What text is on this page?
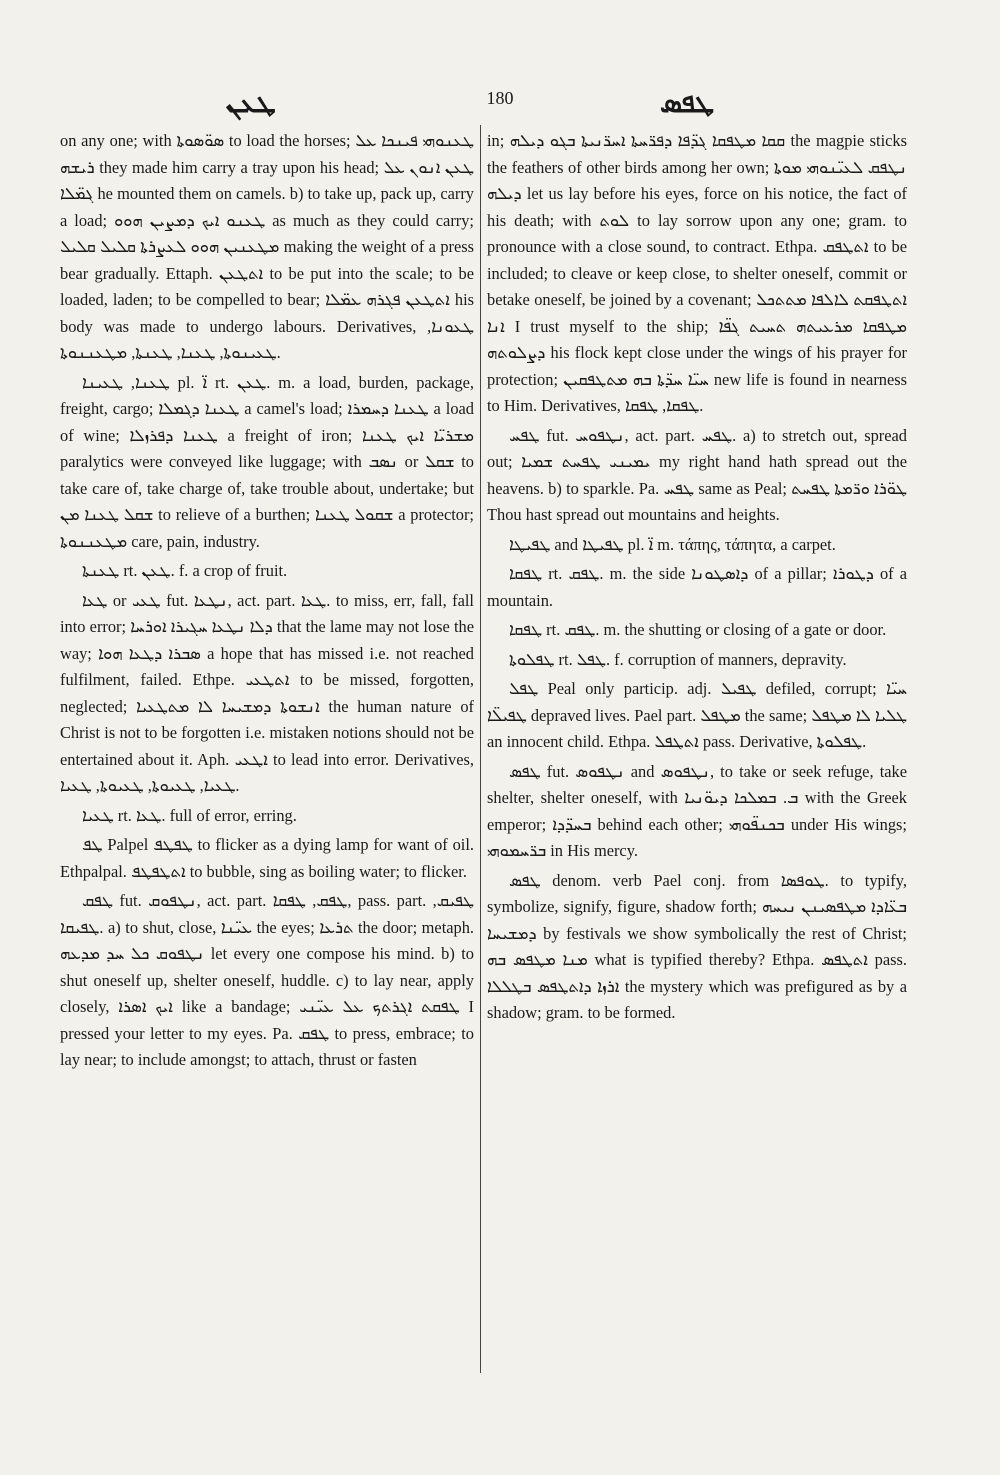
ܛܥܢ	180	ܛܦܣ

on any one; with ܣܘ̈ܣܘܬܐ to load the horses; ܛܥܢܘܗܝ ܦܝܢܟܐ ܥܠ ܪܝܫܗ they made him carry a tray upon his head; ܛܥܢ ܐܢܘܢ ܥܠ ܓܡ̈ܠܐ he mounted them on camels. b) to take up, pack up, carry a load; ܛܥܢܘ ܐܝܟ ܕܡܨܝܢ ܗܘܘ as much as they could carry; ܡܛܥܢܝܢ ܗܘܘ ܠܥܨܪܬܐ ܩܠܝܠ ܩܠܝܠ making the weight of a press bear gradually. Ettaph. ܐܬܛܥܢ to be put into the scale; to be loaded, laden; to be compelled to bear; ܐܬܛܥܢ ܦܓܪܗ ܥܡ̈ܠܐ his body was made to undergo labours. Derivatives, ܛܥܘܢܐ, ܛܥܝܢܘܬܐ, ܛܥܢܐ, ܛܥܢܬܐ, ܡܛܥܢܢܘܬܐ.

ܛܥܢܐ, ܛܥܝܢܐ pl. ܐ̈ rt. ܛܥܢ. m. a load, burden, package, freight, cargo; ܛܥܢܐ ܕܓܡܠܐ a camel's load; ܛܥܢܐ ܕܚܡܪܐ a load of wine; ܛܥܢܐ ܕܦܪܙܠܐ a freight of iron; ܡܫܪܝ̈ܐ ܐܝܟ ܛܥܢܐ paralytics were conveyed like luggage; with ܢܣܒ or ܫܩܠ to take care of, take charge of, take trouble about, undertake; but ܫܩܠ ܛܥܢܐ ܡܢ to relieve of a burthen; ܫܩܘܠ ܛܥܢܐ a protector; ܡܛܥܢܢܘܬܐ care, pain, industry.

ܛܥܢܬܐ rt. ܛܥܢ. f. a crop of fruit.

ܛܥܐ or ܛܥܝ fut. ܢܛܥܐ, act. part. ܛܥܐ. to miss, err, fall, fall into error; ܕܠܐ ܢܛܥܐ ܚܓܝܪܐ ܐܘܪܚܐ that the lame may not lose the way; ܣܒܪܐ ܕܛܥܐ ܗܘܐ a hope that has missed i.e. not reached fulfilment, failed. Ethpe. ܐܬܛܥܝ to be missed, forgotten, neglected; ܐܢܫܘܬܐ ܕܡܫܝܚܐ ܠܐ ܡܬܛܥܝܐ the human nature of Christ is not to be forgotten i.e. mistaken notions should not be entertained about it. Aph. ܐܛܥܝ to lead into error. Derivatives, ܛܥܝܐ, ܛܥܝܘܬܐ, ܛܥܝܘܬܐ, ܛܥܝܐ.

ܛܥܝܐ rt. ܛܥܐ. full of error, erring.

ܛܦ Palpel ܛܦܛܦ to flicker as a dying lamp for want of oil. Ethpalpal. ܐܬܛܦܛܦ to bubble, sing as boiling water; to flicker.

ܛܦܩ fut. ܢܛܦܘܩ, act. part. ܛܦܩ, ܛܦܩܐ, pass. part. ܛܦܝܩ, ܛܦܝܩܐ. a) to shut, close, ܥܝ̈ܢܐ the eyes; ܬܪܥܐ the door; metaph. ܢܛܦܘܩ ܟܠ ܚܕ ܡܕܥܗ let every one compose his mind. b) to shut oneself up, shelter oneself, huddle. c) to lay near, apply closely, ܐܝܟ ܐܣܪܐ like a bandage; ܛܦܩܬ ܐܓܪܬܟ ܥܠ ܥܝ̈ܢܝ I pressed your letter to my eyes. Pa. ܛܦܩ to press, embrace; to lay near; to include amongst; to attach, thrust or fasten

in; ܩܩܐ ܡܛܦܩܐ ܓܕ̈ܦܐ ܕܦܪ̈ܚܬܐ ܐܚܪ̈ܢܝܬܐ ܒܓܘ ܕܝܠܗ the magpie sticks the feathers of other birds among her own; ܢܛܦܩ ܠܥܝ̈ܢܘܗܝ ܡܘܬܐ ܕܝܠܗ let us lay before his eyes, force on his notice, the fact of his death; with ܠܘܬ to lay sorrow upon any one; gram. to pronounce with a close sound, to contract. Ethpa. ܐܬܛܦܩ to be included; to cleave or keep close, to shelter oneself, commit or betake oneself, be joined by a covenant; ܐܬܛܦܩܬ ܠܐܠܦܐ ܡܬܬܟܠ ܐܢܐ I trust myself to the ship; ܡܛܦܩܐ ܡܪܥܝܬܗ ܬܚܝܬ ܓܦ̈ܐ ܕܨܠܘܬܗ his flock kept close under the wings of his prayer for protection; ܚܝ̈ܐ ܚܕ̈ܬܐ ܒܗ ܡܬܛܦܩܝܢ new life is found in nearness to Him. Derivatives, ܛܦܩܐ, ܛܦܩܐ.

ܛܦܚ fut. ܢܛܦܘܚ, act. part. ܛܦܚ. a) to stretch out, spread out; ܝܡܝܢܝ ܛܦܚܬ ܫܡܝܐ my right hand hath spread out the heavens. b) to sparkle. Pa. ܛܦܚ same as Peal; ܛܘ̈ܪܐ ܘܪ̈ܡܬܐ ܛܦܚܬ Thou hast spread out mountains and heights.

ܛܦܝܛܐ and ܛܦܝܛܐ pl. ܐ̈ m. τάπης, τάπητα, a carpet.

ܛܦܩܐ rt. ܛܦܩ. m. the side ܕܐܣܛܘܢܐ of a pillar; ܕܛܘܪܐ of a mountain.

ܛܦܩܐ rt. ܛܦܩ. m. the shutting or closing of a gate or door.

ܛܦܠܘܬܐ rt. ܛܦܠ. f. corruption of manners, depravity.

ܛܦܠ Peal only particip. adj. ܛܦܝܠ defiled, corrupt; ܚܝ̈ܐ ܛܦܝܠ̈ܐ depraved lives. Pael part. ܡܛܦܠ the same; ܛܠܝܐ ܠܐ ܡܛܦܠ an innocent child. Ethpa. ܐܬܛܦܠ pass. Derivative, ܛܦܠܘܬܐ.

ܛܦܣ fut. ܢܛܦܘܣ and ܢܛܦܘܣ, to take or seek refuge, take shelter, shelter oneself, with ܒ. ܒܡܠܟܐ ܕܝܘ̈ܢܝܐ with the Greek emperor; ܒܚܕ̈ܕܐ behind each other; ܒܟܢܦ̈ܘܗܝ under His wings; ܒܪ̈ܚܡܘܗܝ in His mercy.

ܛܦܣ denom. verb Pael conj. from ܛܘܦܣܐ. to typify, symbolize, signify, figure, shadow forth; ܒܥ̈ܐܕܐ ܡܛܦܣܝܢܢ ܢܝܚܗ ܕܡܫܝܚܐ by festivals we show symbolically the rest of Christ; ܡܢܐ ܡܛܦܣ ܒܗ what is typified thereby? Ethpa. ܐܬܛܦܣ pass. ܐܪܙܐ ܕܐܬܛܦܣ ܒܛܠܠܐ the mystery which was prefigured as by a shadow; gram. to be formed.
